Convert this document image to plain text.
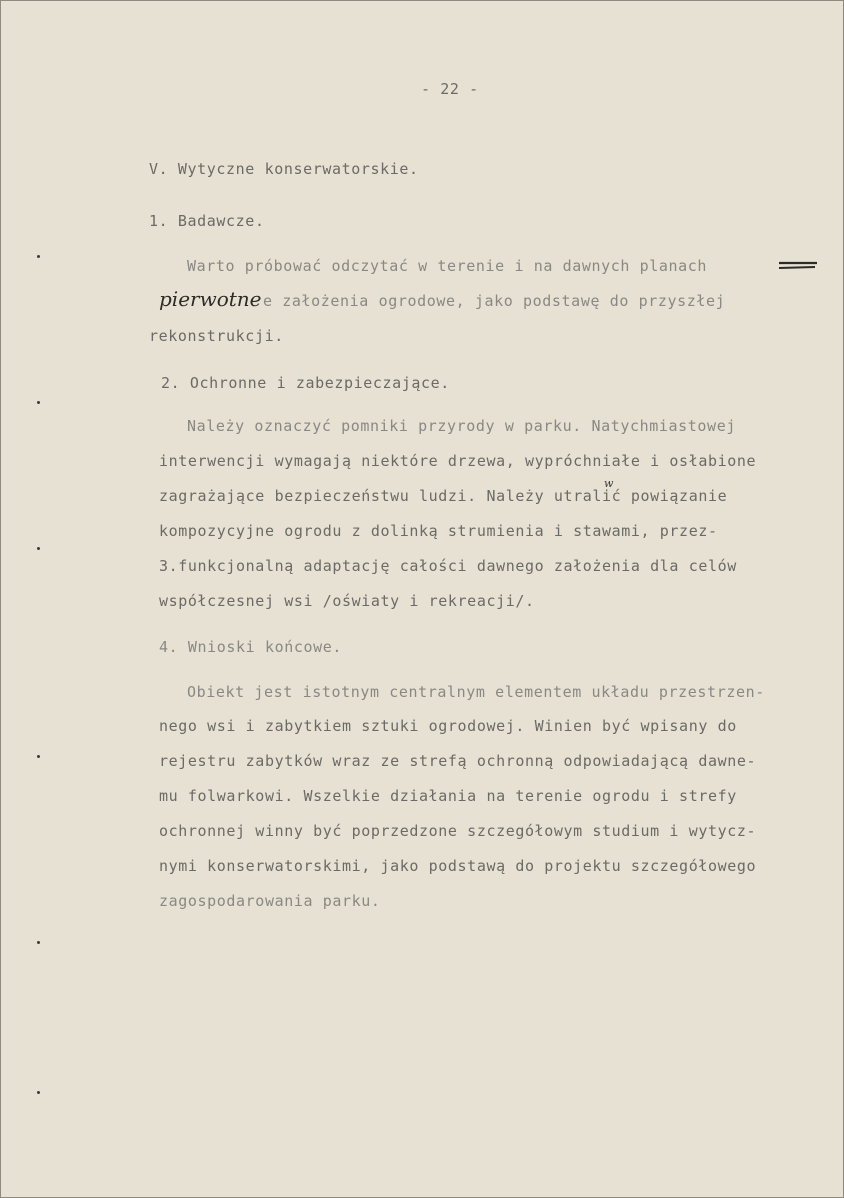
- 22 -
V. Wytyczne konserwatorskie.
1. Badawcze.
Warto próbować odczytać w terenie i na dawnych planach
pierwotne e założenia ogrodowe, jako podstawę do przyszłej
rekonstrukcji.
2. Ochronne i zabezpieczające.
Należy oznaczyć pomniki przyrody w parku. Natychmiastowej
interwencji wymagają niektóre drzewa, wypróchniałe i osłabione
w
zagrażające bezpieczeństwu ludzi. Należy utralić powiązanie
kompozycyjne ogrodu z dolinką strumienia i stawami, przez-
3.funkcjonalną adaptację całości dawnego założenia dla celów
współczesnej wsi /oświaty i rekreacji/.
4. Wnioski końcowe.
Obiekt jest istotnym centralnym elementem układu przestrzen-
nego wsi i zabytkiem sztuki ogrodowej. Winien być wpisany do
rejestru zabytków wraz ze strefą ochronną odpowiadającą dawne-
mu folwarkowi. Wszelkie działania na terenie ogrodu i strefy
ochronnej winny być poprzedzone szczegółowym studium i wytycz-
nymi konserwatorskimi, jako podstawą do projektu szczegółowego
zagospodarowania parku.
